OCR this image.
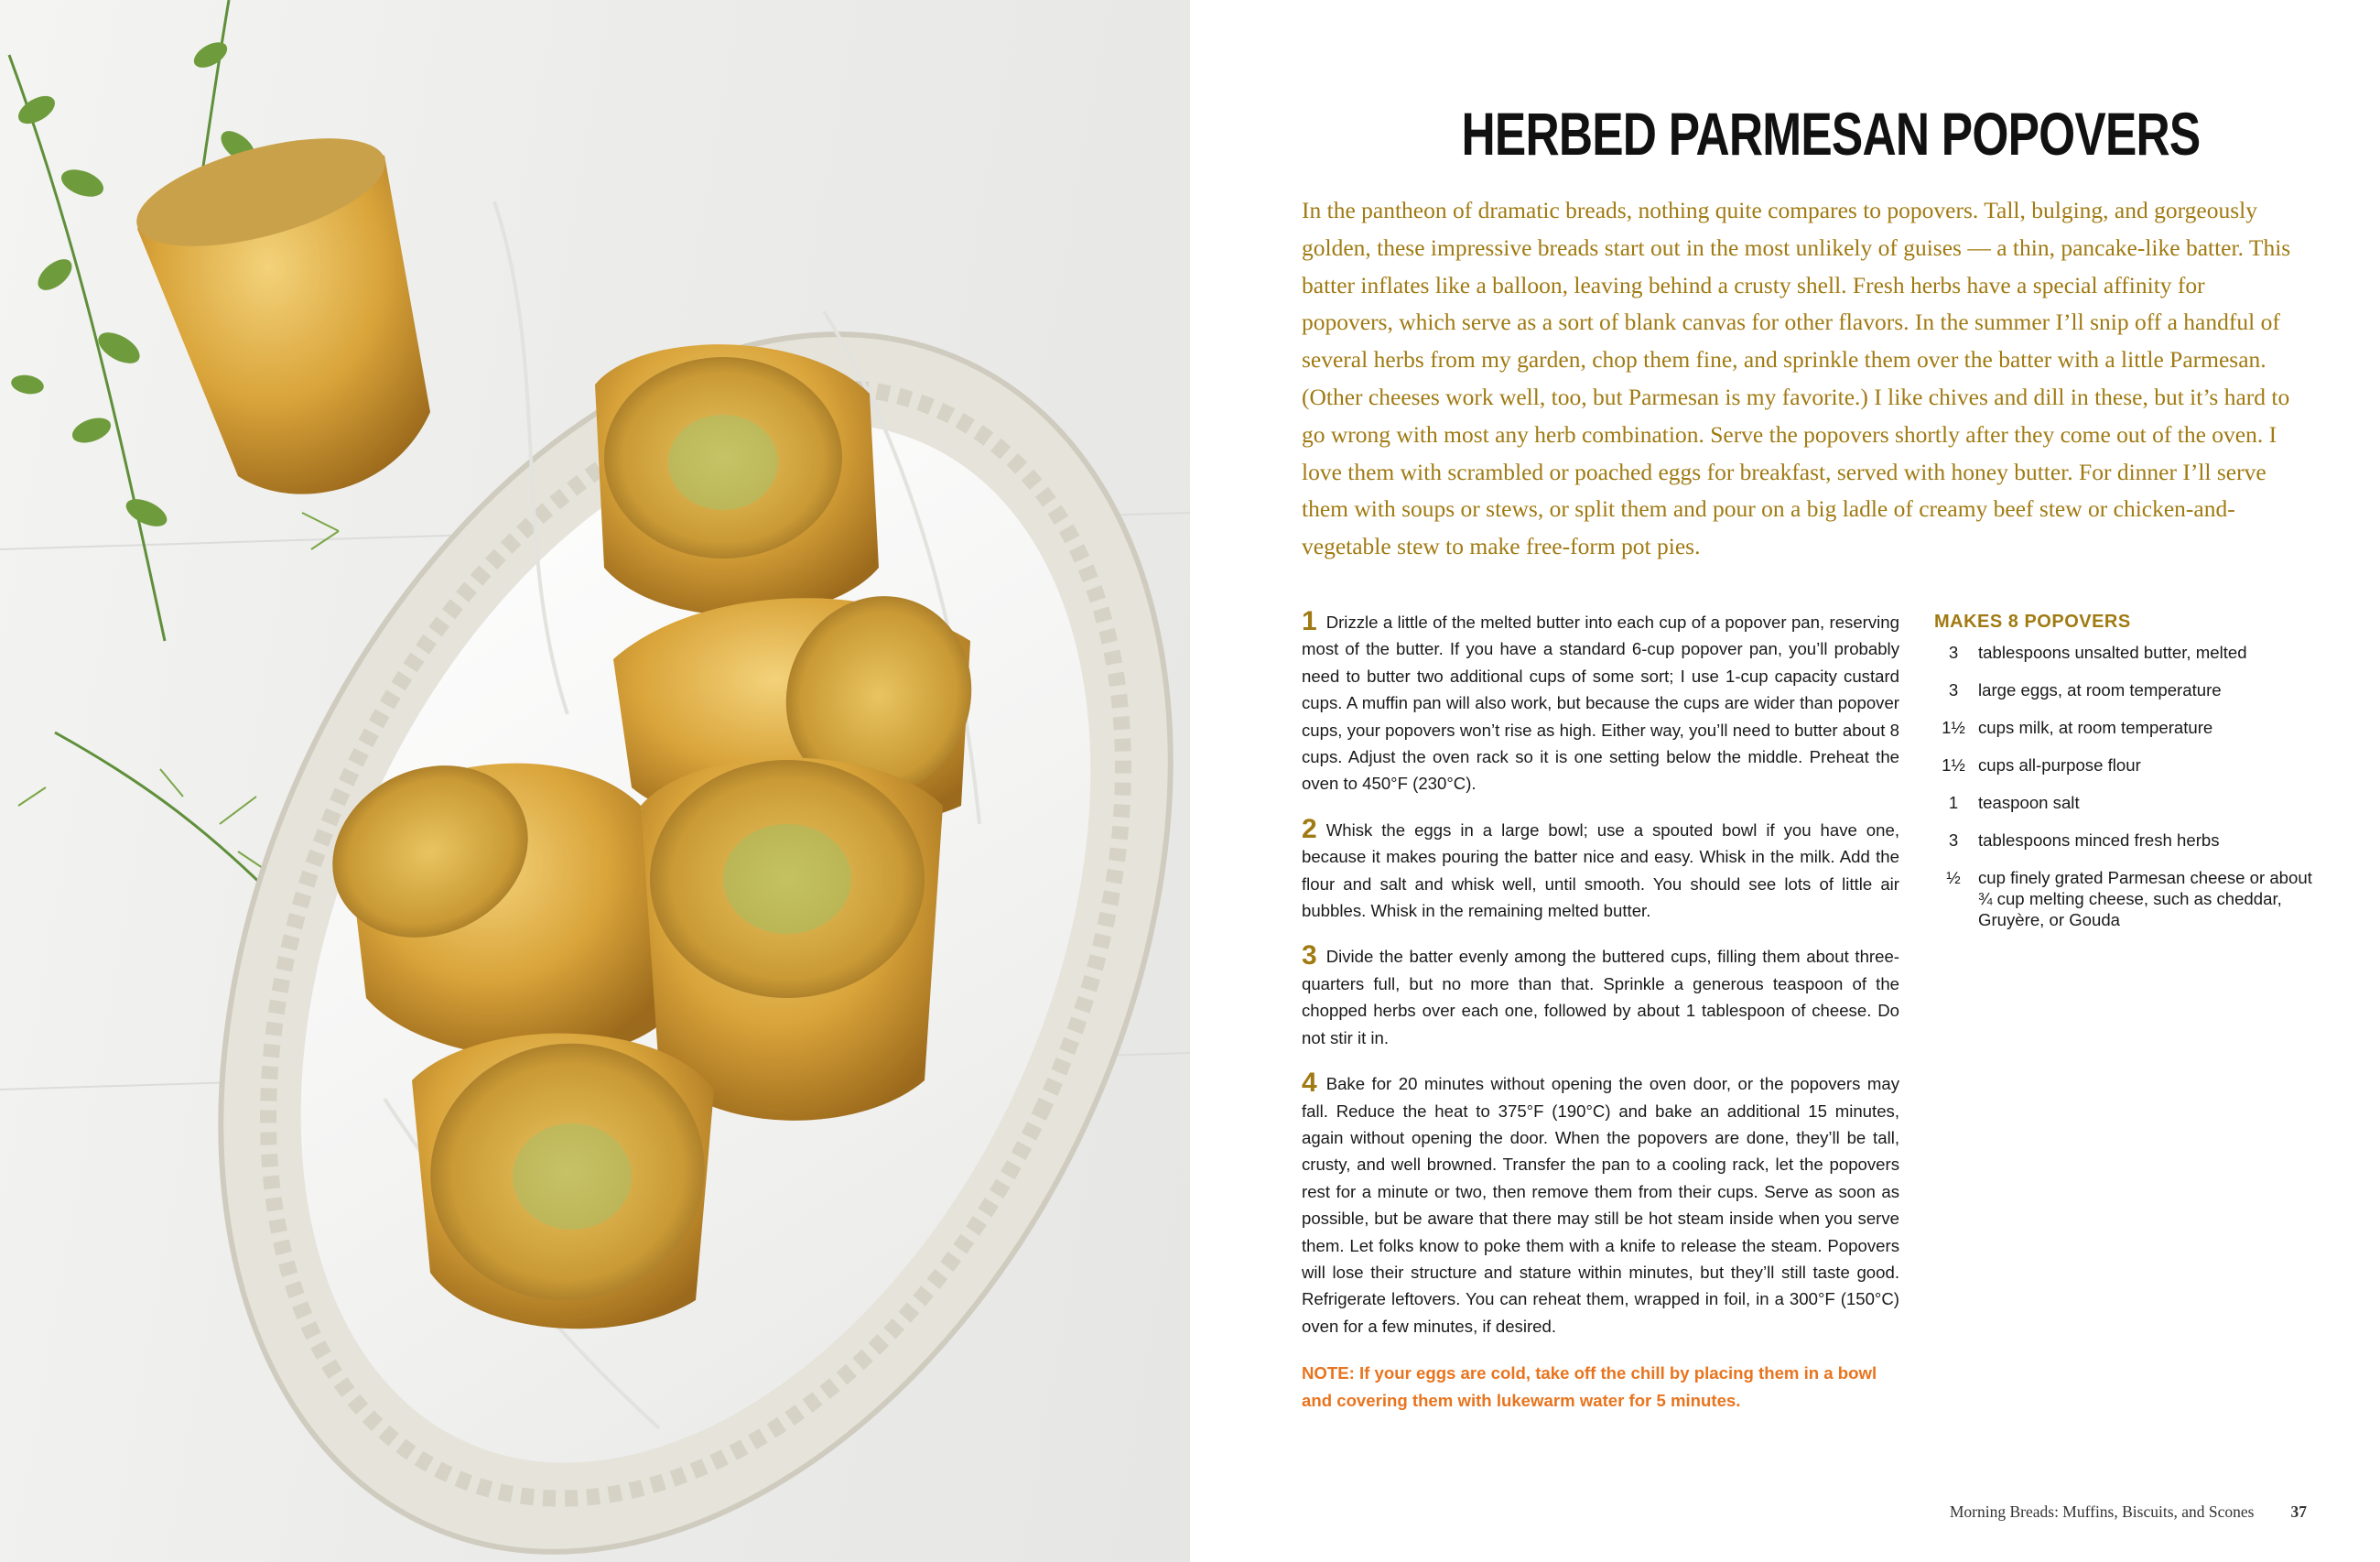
HERBED PARMESAN POPOVERS

In the pantheon of dramatic breads, nothing quite compares to popovers. Tall, bulging, and gorgeously golden, these impressive breads start out in the most unlikely of guises — a thin, pancake-like batter. This batter inflates like a balloon, leaving behind a crusty shell. Fresh herbs have a special affinity for popovers, which serve as a sort of blank canvas for other flavors. In the summer I’ll snip off a handful of several herbs from my garden, chop them fine, and sprinkle them over the batter with a little Parmesan. (Other cheeses work well, too, but Parmesan is my favorite.) I like chives and dill in these, but it’s hard to go wrong with most any herb combination. Serve the popovers shortly after they come out of the oven. I love them with scrambled or poached eggs for breakfast, served with honey butter. For dinner I’ll serve them with soups or stews, or split them and pour on a big ladle of creamy beef stew or chicken-and-vegetable stew to make free-form pot pies.

1 Drizzle a little of the melted butter into each cup of a popover pan, reserving most of the butter. If you have a standard 6-cup popover pan, you’ll probably need to butter two additional cups of some sort; I use 1-cup capacity custard cups. A muffin pan will also work, but because the cups are wider than popover cups, your popovers won’t rise as high. Either way, you’ll need to butter about 8 cups. Adjust the oven rack so it is one setting below the middle. Preheat the oven to 450°F (230°C).

2 Whisk the eggs in a large bowl; use a spouted bowl if you have one, because it makes pouring the batter nice and easy. Whisk in the milk. Add the flour and salt and whisk well, until smooth. You should see lots of little air bubbles. Whisk in the remaining melted butter.

3 Divide the batter evenly among the buttered cups, filling them about three-quarters full, but no more than that. Sprinkle a generous teaspoon of the chopped herbs over each one, followed by about 1 tablespoon of cheese. Do not stir it in.

4 Bake for 20 minutes without opening the oven door, or the popovers may fall. Reduce the heat to 375°F (190°C) and bake an additional 15 minutes, again without opening the door. When the popovers are done, they’ll be tall, crusty, and well browned. Transfer the pan to a cooling rack, let the popovers rest for a minute or two, then remove them from their cups. Serve as soon as possible, but be aware that there may still be hot steam inside when you serve them. Let folks know to poke them with a knife to release the steam. Popovers will lose their structure and stature within minutes, but they’ll still taste good. Refrigerate leftovers. You can reheat them, wrapped in foil, in a 300°F (150°C) oven for a few minutes, if desired.

NOTE: If your eggs are cold, take off the chill by placing them in a bowl and covering them with lukewarm water for 5 minutes.

MAKES 8 POPOVERS

3	tablespoons unsalted butter, melted
3	large eggs, at room temperature
1½ cups milk, at room temperature
1½ cups all-purpose flour
1	teaspoon salt
3	tablespoons minced fresh herbs
½	cup finely grated Parmesan cheese or about ¾ cup melting cheese, such as cheddar, Gruyère, or Gouda
Morning Breads: Muffins, Biscuits, and Scones 37
